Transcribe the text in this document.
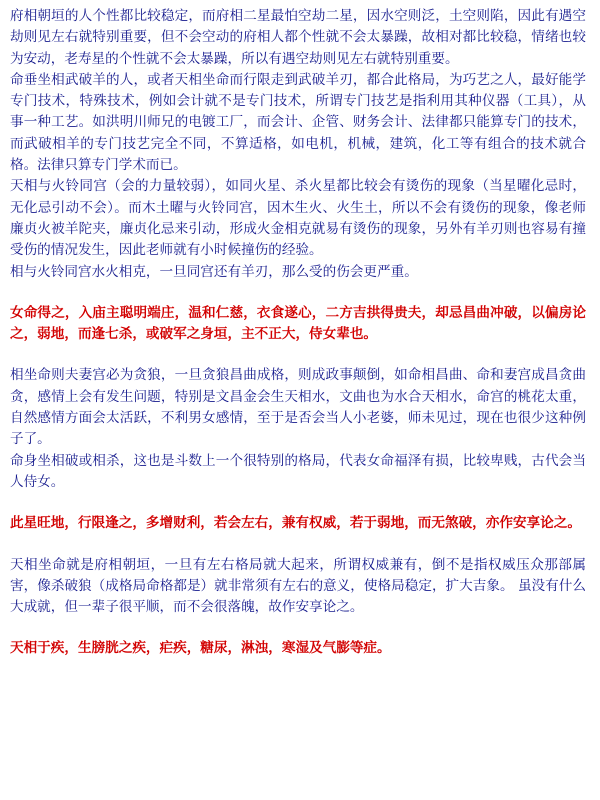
府相朝垣的人个性都比较稳定，而府相二星最怕空劫二星，因水空则泛，土空则陷，因此有遇空劫则见左右就特别重要，但不会空动的府相人都个性就不会太暴躁，故相对都比较稳，情绪也较为安动，老寿星的个性就不会太暴躁，所以有遇空劫则见左右就特别重要。

命垂坐相武破羊的人，或者天相坐命而行限走到武破羊刃，都合此格局，为巧艺之人，最好能学专门技术，特殊技术，例如会计就不是专门技术，所谓专门技艺是指利用其种仪器（工具），从事一种工艺。如洪明川师兄的电镀工厂，而会计、企管、财务会计、法律都只能算专门的技术，而武破相羊的专门技艺完全不同，不算适格，如电机，机械，建筑，化工等有组合的技术就合格。法律只算专门学术而已。

天相与火铃同宫（会的力量较弱），如同火星、杀火星都比较会有烫伤的现象（当星曜化忌时，无化忌引动不会）。而木土曜与火铃同宫，因木生火、火生土，所以不会有烫伤的现象，像老师廉贞火被羊陀夹，廉贞化忌来引动，形成火金相克就易有烫伤的现象，另外有羊刃则也容易有撞受伤的情况发生，因此老师就有小时候撞伤的经验。

相与火铃同宫水火相克，一旦同宫还有羊刃，那么受的伤会更严重。

女命得之，入庙主聪明端庄，温和仁慈，衣食遂心，二方吉拱得贵夫，却忌昌曲冲破，以偏房论之，弱地，而逢七杀，或破军之身垣，主不正大，侍女辈也。

相坐命则夫妻宫必为贪狼，一旦贪狼昌曲成格，则成政事颠倒，如命相昌曲、命和妻宫成昌贪曲贪，感情上会有发生问题，特别是文昌金会生天相水，文曲也为水合天相水，命宫的桃花太重，自然感情方面会太活跃，不利男女感情，至于是否会当人小老婆，师未见过，现在也很少这种例子了。

命身坐相破或相杀，这也是斗数上一个很特别的格局，代表女命福泽有损，比较卑贱，古代会当人侍女。

此星旺地，行限逢之，多增财利，若会左右，兼有权威，若于弱地，而无煞破，亦作安享论之。

天相坐命就是府相朝垣，一旦有左右格局就大起来，所谓权威兼有，倒不是指权威压众那部属害，像杀破狼（成格局命格都是）就非常须有左右的意义，使格局稳定，扩大吉象。 虽没有什么大成就，但一辈子很平顺，而不会很落魄，故作安享论之。

天相于疾，生膀胱之疾，疟疾，糖尿，淋浊，寒湿及气膨等症。
